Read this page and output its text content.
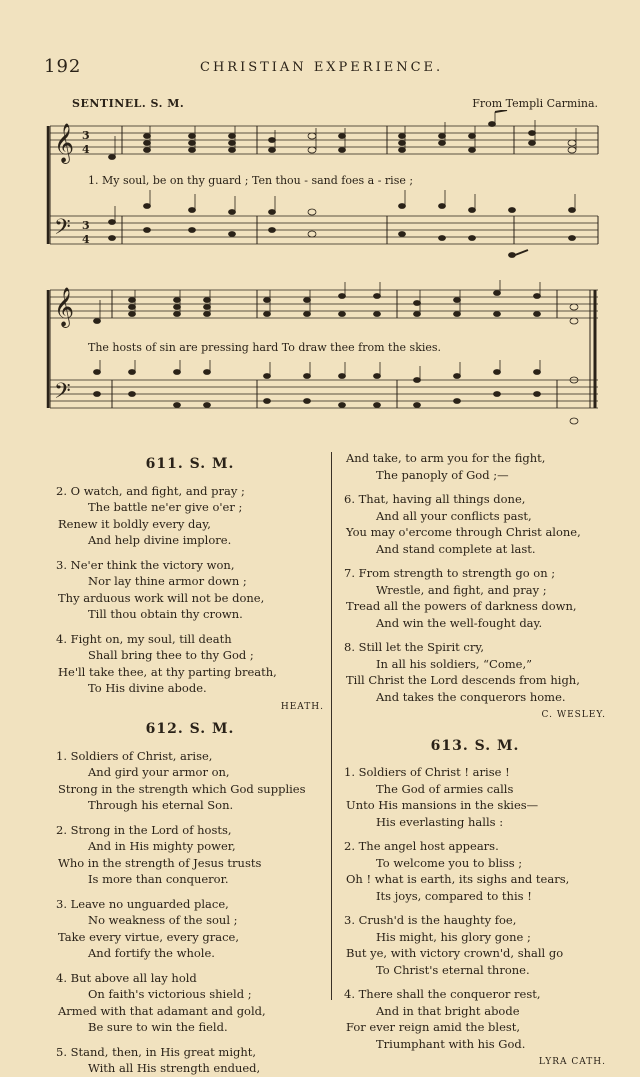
192	CHRISTIAN EXPERIENCE.
SENTINEL. S. M.	From Templi Carmina.
𝄞
𝄢
𝄞
𝄢
3
4
3
4
1. My soul, be on thy guard ; Ten thou - sand foes a - rise ;
The hosts of sin are pressing hard To draw thee from the skies.
611. S. M.
2. O watch, and fight, and pray ;
The battle ne'er give o'er ;
Renew it boldly every day,
And help divine implore.
3. Ne'er think the victory won,
Nor lay thine armor down ;
Thy arduous work will not be done,
Till thou obtain thy crown.
4. Fight on, my soul, till death
Shall bring thee to thy God ;
He'll take thee, at thy parting breath,
To His divine abode.
HEATH.
612. S. M.
1. Soldiers of Christ, arise,
And gird your armor on,
Strong in the strength which God supplies
Through his eternal Son.
2. Strong in the Lord of hosts,
And in His mighty power,
Who in the strength of Jesus trusts
Is more than conqueror.
3. Leave no unguarded place,
No weakness of the soul ;
Take every virtue, every grace,
And fortify the whole.
4. But above all lay hold
On faith's victorious shield ;
Armed with that adamant and gold,
Be sure to win the field.
5. Stand, then, in His great might,
With all His strength endued,
And take, to arm you for the fight,
The panoply of God ;—
6. That, having all things done,
And all your conflicts past,
You may o'ercome through Christ alone,
And stand complete at last.
7. From strength to strength go on ;
Wrestle, and fight, and pray ;
Tread all the powers of darkness down,
And win the well-fought day.
8. Still let the Spirit cry,
In all his soldiers, “Come,”
Till Christ the Lord descends from high,
And takes the conquerors home.
C. WESLEY.
613. S. M.
1. Soldiers of Christ ! arise !
The God of armies calls
Unto His mansions in the skies—
His everlasting halls :
2. The angel host appears.
To welcome you to bliss ;
Oh ! what is earth, its sighs and tears,
Its joys, compared to this !
3. Crush'd is the haughty foe,
His might, his glory gone ;
But ye, with victory crown'd, shall go
To Christ's eternal throne.
4. There shall the conqueror rest,
And in that bright abode
For ever reign amid the blest,
Triumphant with his God.
LYRA CATH.
